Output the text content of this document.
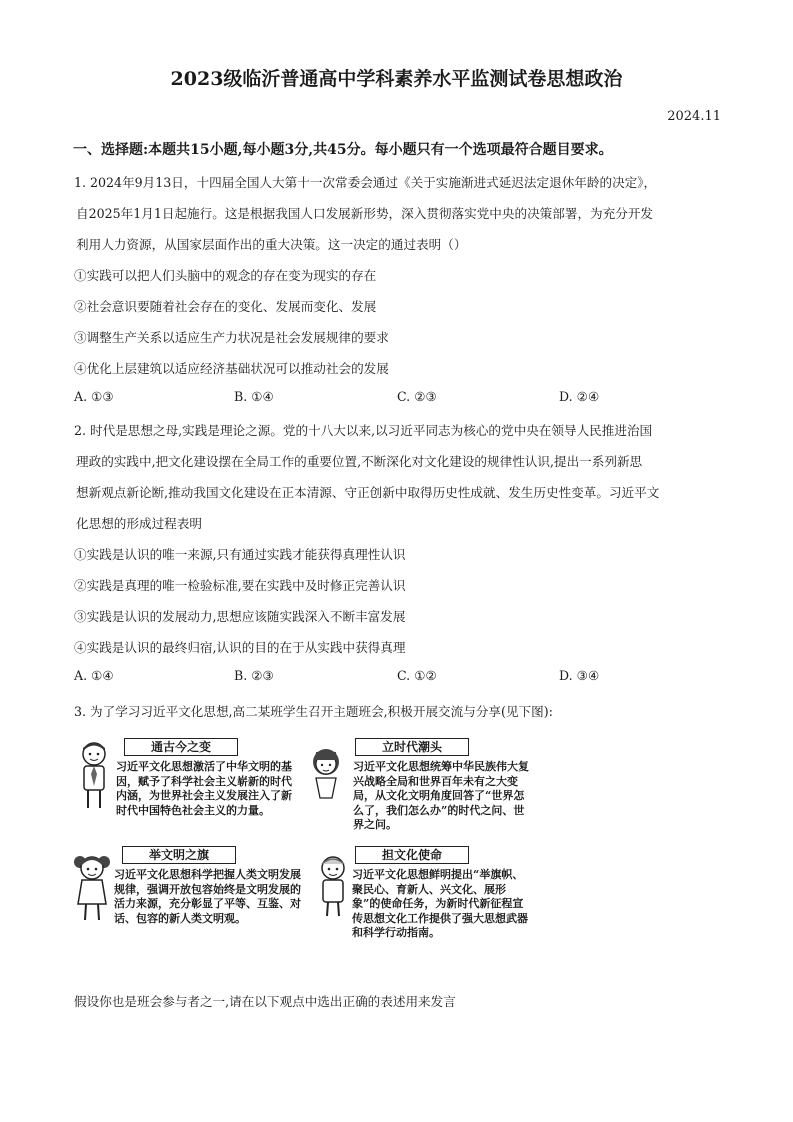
2023级临沂普通高中学科素养水平监测试卷思想政治
2024.11
一、选择题:本题共15小题,每小题3分,共45分。每小题只有一个选项最符合题目要求。
1. 2024年9月13日，十四届全国人大第十一次常委会通过《关于实施渐进式延迟法定退休年龄的决定》，
自2025年1月1日起施行。这是根据我国人口发展新形势，深入贯彻落实党中央的决策部署，为充分开发
利用人力资源，从国家层面作出的重大决策。这一决定的通过表明（）
①实践可以把人们头脑中的观念的存在变为现实的存在
②社会意识要随着社会存在的变化、发展而变化、发展
③调整生产关系以适应生产力状况是社会发展规律的要求
④优化上层建筑以适应经济基础状况可以推动社会的发展
A. ①③	B. ①④	C. ②③	D. ②④
2. 时代是思想之母,实践是理论之源。党的十八大以来,以习近平同志为核心的党中央在领导人民推进治国
理政的实践中,把文化建设摆在全局工作的重要位置,不断深化对文化建设的规律性认识,提出一系列新思
想新观点新论断,推动我国文化建设在正本清源、守正创新中取得历史性成就、发生历史性变革。习近平文
化思想的形成过程表明
①实践是认识的唯一来源,只有通过实践才能获得真理性认识
②实践是真理的唯一检验标准,要在实践中及时修正完善认识
③实践是认识的发展动力,思想应该随实践深入不断丰富发展
④实践是认识的最终归宿,认识的目的在于从实践中获得真理
A. ①④	B. ②③	C. ①②	D. ③④
3. 为了学习习近平文化思想,高二某班学生召开主题班会,积极开展交流与分享(见下图):
通古今之变
习近平文化思想激活了中华文明的基因，赋予了科学社会主义崭新的时代内涵，为世界社会主义发展注入了新时代中国特色社会主义的力量。
立时代潮头
习近平文化思想统筹中华民族伟大复兴战略全局和世界百年未有之大变局，从文化文明角度回答了“世界怎么了，我们怎么办”的时代之问、世界之问。
举文明之旗
习近平文化思想科学把握人类文明发展规律，强调开放包容始终是文明发展的活力来源，充分彰显了平等、互鉴、对话、包容的新人类文明观。
担文化使命
习近平文化思想鲜明提出“举旗帜、聚民心、育新人、兴文化、展形象”的使命任务，为新时代新征程宣传思想文化工作提供了强大思想武器和科学行动指南。
假设你也是班会参与者之一,请在以下观点中选出正确的表述用来发言
